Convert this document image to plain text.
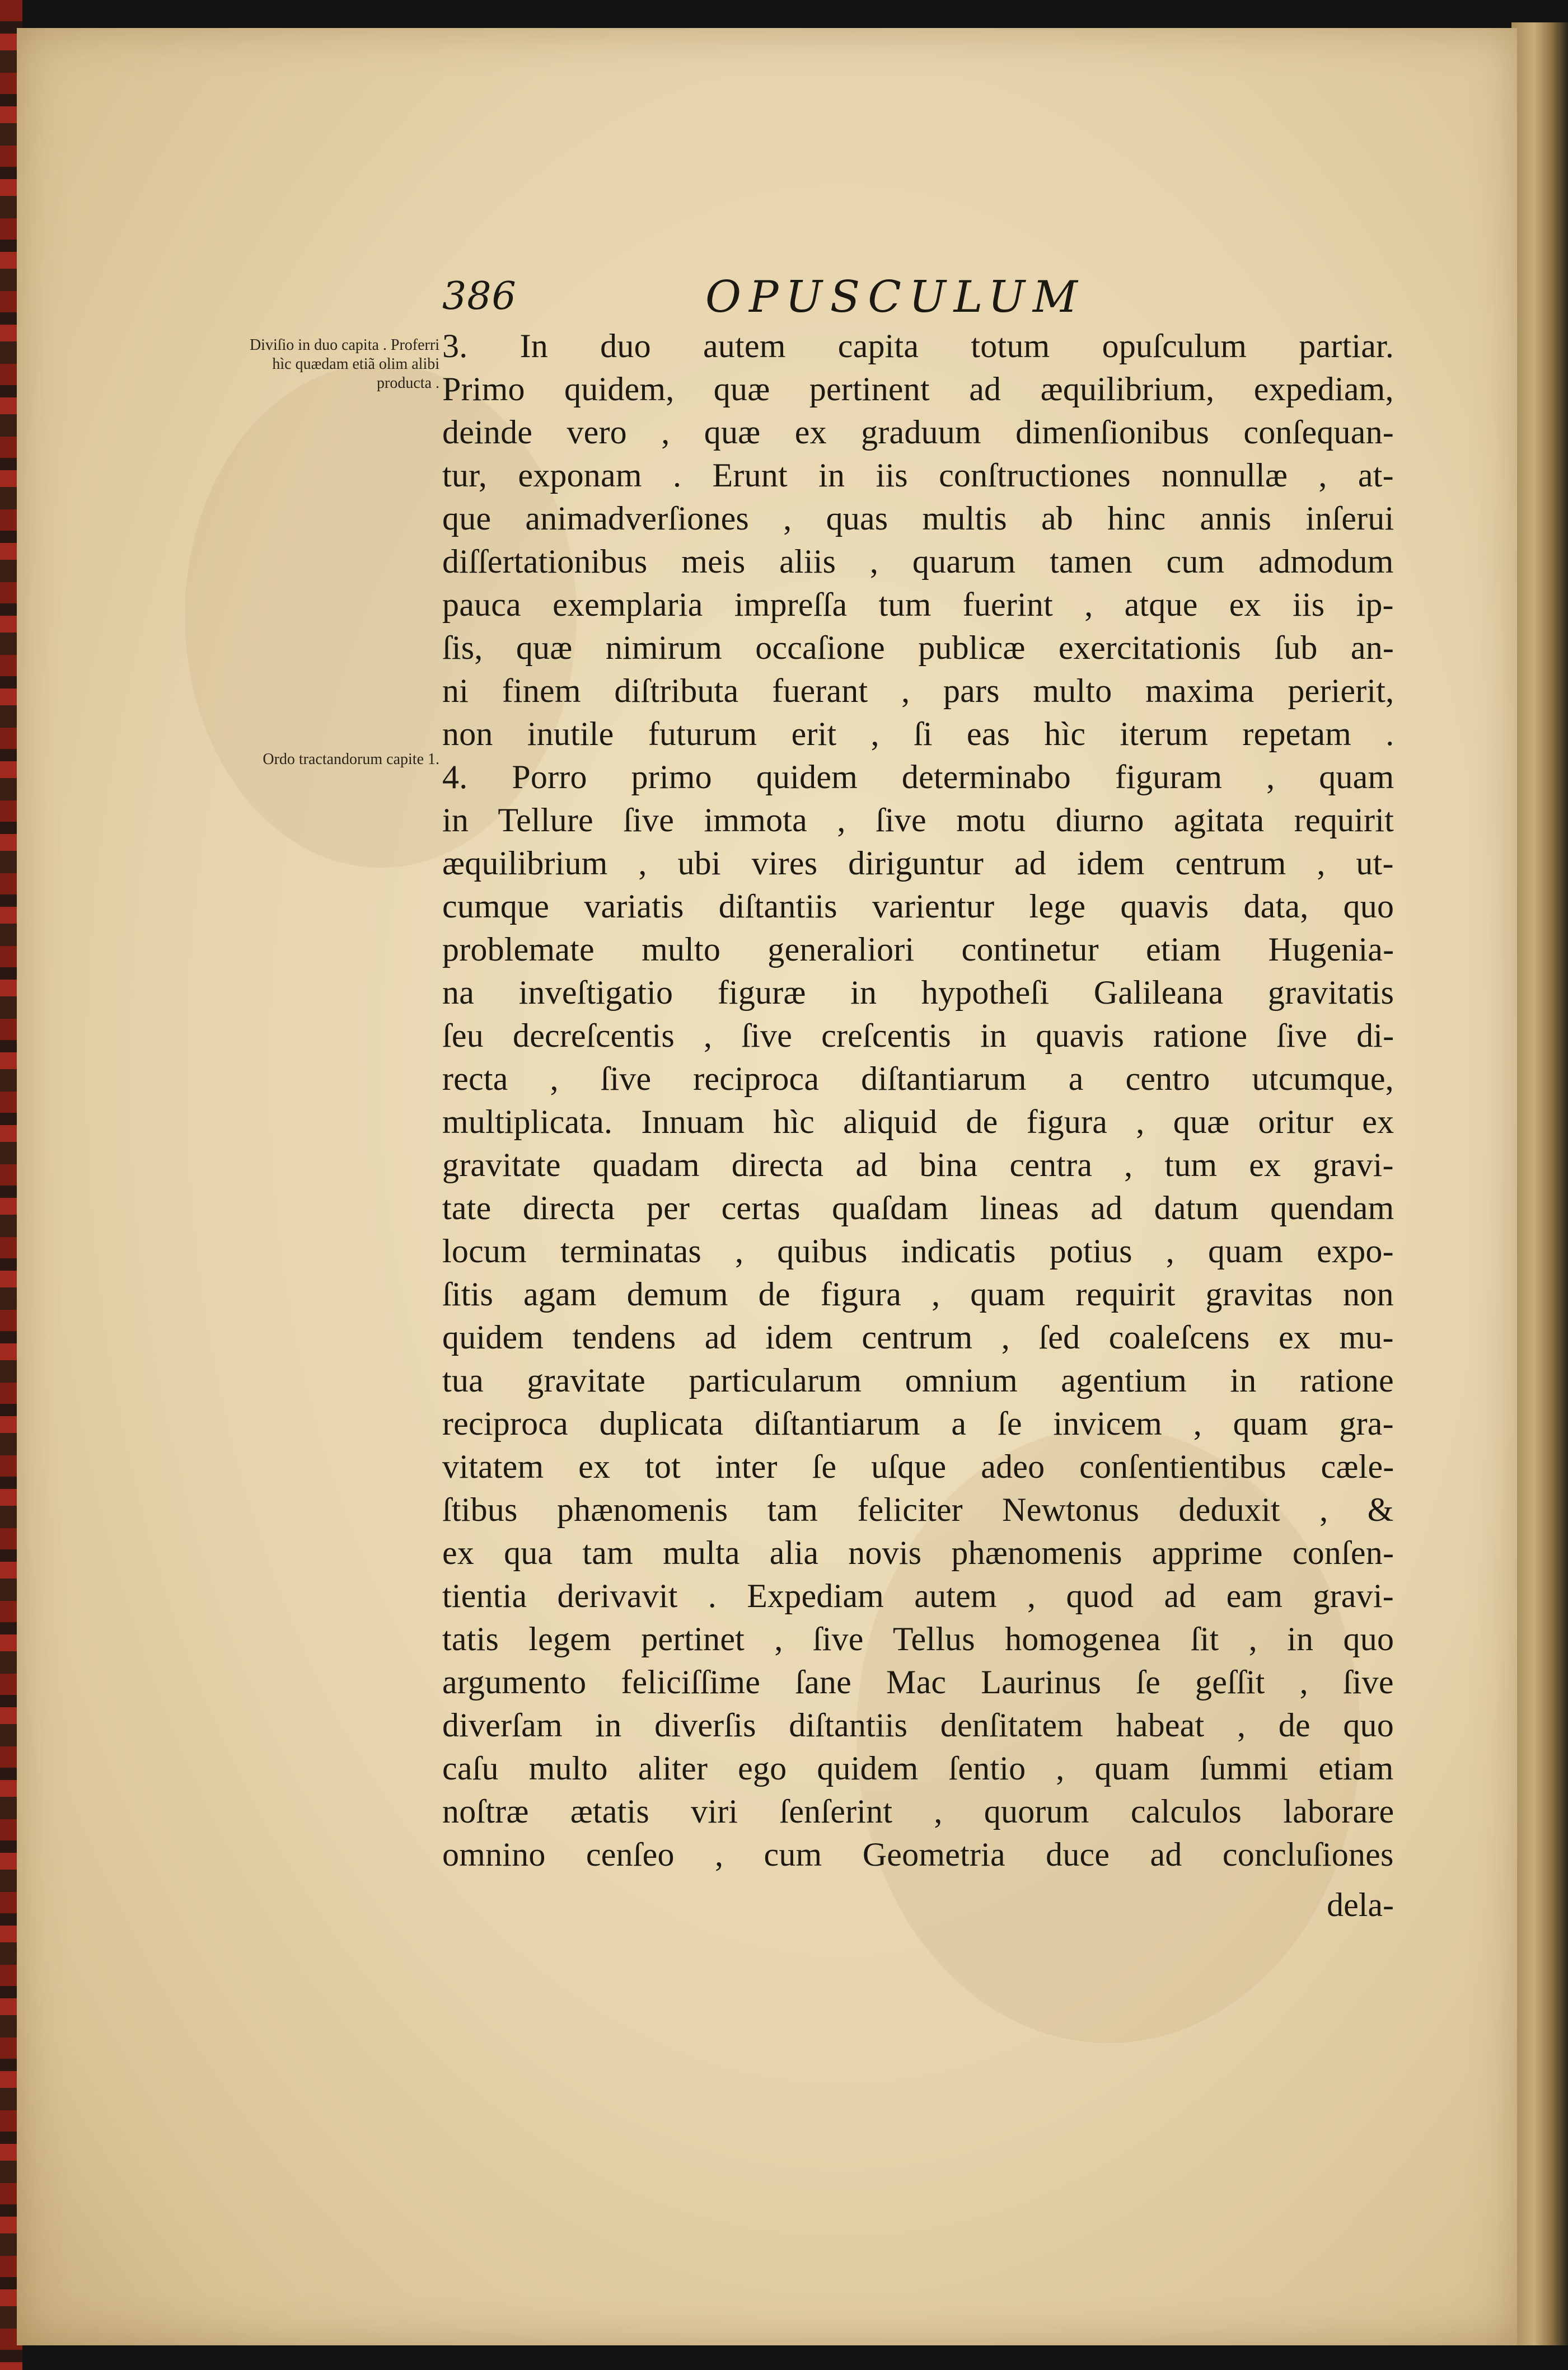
386	OPUSCULUM
Diviſio in duo capita . Proferri hìc quædam etiã olim alibi producta .
Ordo tractandorum capite 1.
3. In duo autem capita totum opuſculum partiar.
Primo quidem, quæ pertinent ad æquilibrium, expediam,
deinde vero , quæ ex graduum dimenſionibus conſequan-
tur, exponam . Erunt in iis conſtructiones nonnullæ , at-
que animadverſiones , quas multis ab hinc annis inſerui
diſſertationibus meis aliis , quarum tamen cum admodum
pauca exemplaria impreſſa tum fuerint , atque ex iis ip-
ſis, quæ nimirum occaſione publicæ exercitationis ſub an-
ni finem diſtributa fuerant , pars multo maxima perierit,
non inutile futurum erit , ſi eas hìc iterum repetam .
4. Porro primo quidem determinabo figuram , quam
in Tellure ſive immota , ſive motu diurno agitata requirit
æquilibrium , ubi vires diriguntur ad idem centrum , ut-
cumque variatis diſtantiis varientur lege quavis data, quo
problemate multo generaliori continetur etiam Hugenia-
na inveſtigatio figuræ in hypotheſi Galileana gravitatis
ſeu decreſcentis , ſive creſcentis in quavis ratione ſive di-
recta , ſive reciproca diſtantiarum a centro utcumque,
multiplicata. Innuam hìc aliquid de figura , quæ oritur ex
gravitate quadam directa ad bina centra , tum ex gravi-
tate directa per certas quaſdam lineas ad datum quendam
locum terminatas , quibus indicatis potius , quam expo-
ſitis agam demum de figura , quam requirit gravitas non
quidem tendens ad idem centrum , ſed coaleſcens ex mu-
tua gravitate particularum omnium agentium in ratione
reciproca duplicata diſtantiarum a ſe invicem , quam gra-
vitatem ex tot inter ſe uſque adeo conſentientibus cæle-
ſtibus phænomenis tam feliciter Newtonus deduxit , &
ex qua tam multa alia novis phænomenis apprime conſen-
tientia derivavit . Expediam autem , quod ad eam gravi-
tatis legem pertinet , ſive Tellus homogenea ſit , in quo
argumento feliciſſime ſane Mac Laurinus ſe geſſit , ſive
diverſam in diverſis diſtantiis denſitatem habeat , de quo
caſu multo aliter ego quidem ſentio , quam ſummi etiam
noſtræ ætatis viri ſenſerint , quorum calculos laborare
omnino cenſeo , cum Geometria duce ad concluſiones
dela-
